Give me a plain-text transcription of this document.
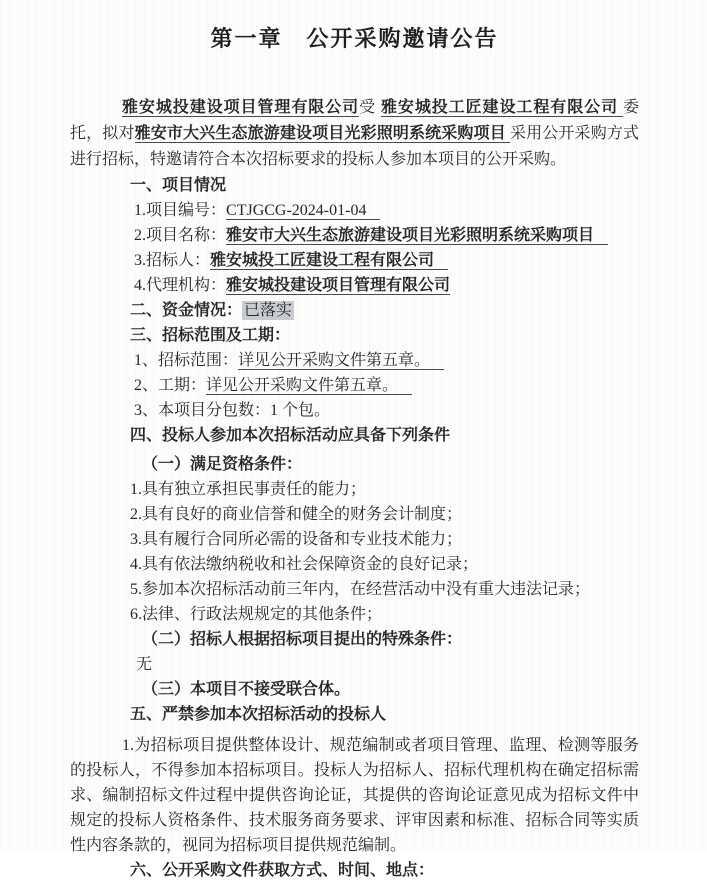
第一章　公开采购邀请公告

雅安城投建设项目管理有限公司受 雅安城投工匠建设工程有限公司 委托，拟对雅安市大兴生态旅游建设项目光彩照明系统采购项目 采用公开采购方式进行招标，特邀请符合本次招标要求的投标人参加本项目的公开采购。

一、项目情况
1.项目编号：CTJGCG-2024-01-04
2.项目名称：雅安市大兴生态旅游建设项目光彩照明系统采购项目
3.招标人：雅安城投工匠建设工程有限公司
4.代理机构：雅安城投建设项目管理有限公司
二、资金情况： 已落实
三、招标范围及工期：
1、招标范围：详见公开采购文件第五章。
2、工期：详见公开采购文件第五章。
3、本项目分包数：1 个包。
四、投标人参加本次招标活动应具备下列条件
（一）满足资格条件：
1.具有独立承担民事责任的能力；
2.具有良好的商业信誉和健全的财务会计制度；
3.具有履行合同所必需的设备和专业技术能力；
4.具有依法缴纳税收和社会保障资金的良好记录；
5.参加本次招标活动前三年内，在经营活动中没有重大违法记录；
6.法律、行政法规规定的其他条件；
（二）招标人根据招标项目提出的特殊条件：
无
（三）本项目不接受联合体。
五、严禁参加本次招标活动的投标人

1.为招标项目提供整体设计、规范编制或者项目管理、监理、检测等服务的投标人，不得参加本招标项目。投标人为招标人、招标代理机构在确定招标需求、编制招标文件过程中提供咨询论证，其提供的咨询论证意见成为招标文件中规定的投标人资格条件、技术服务商务要求、评审因素和标准、招标合同等实质性内容条款的，视同为招标项目提供规范编制。

六、公开采购文件获取方式、时间、地点：
